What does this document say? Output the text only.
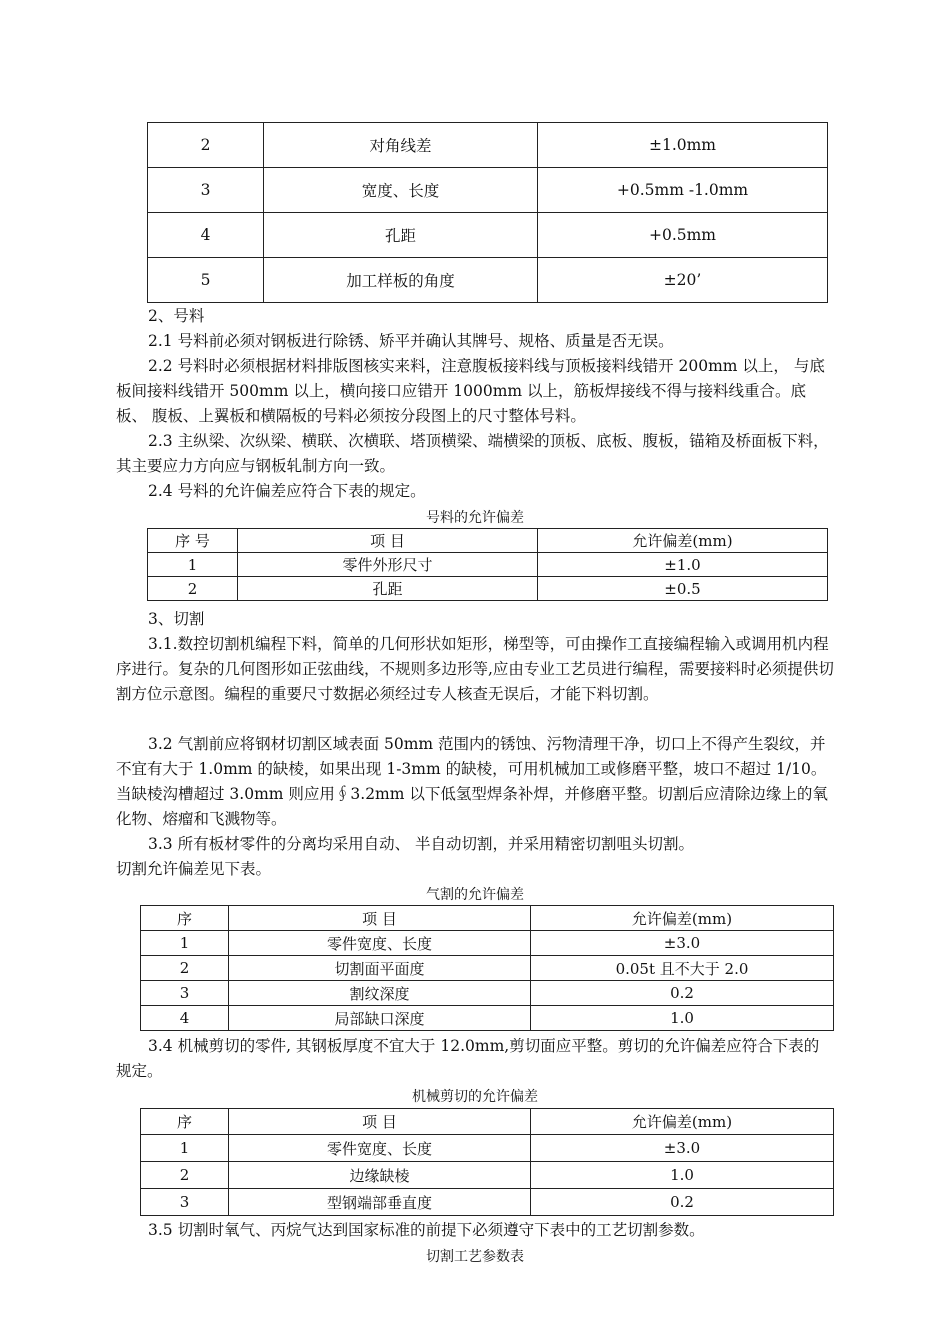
2	对角线差	±1.0mm
3	宽度、长度	+0.5mm -1.0mm
4	孔距	+0.5mm
5	加工样板的角度	±20’

2、号料

2.1 号料前必须对钢板进行除锈、矫平并确认其牌号、规格、质量是否无误。

2.2 号料时必须根据材料排版图核实来料，注意腹板接料线与顶板接料线错开 200mm 以上， 与底板间接料线错开 500mm 以上，横向接口应错开 1000mm 以上，筋板焊接线不得与接料线重合。底板、 腹板、上翼板和横隔板的号料必须按分段图上的尺寸整体号料。

2.3 主纵梁、次纵梁、横联、次横联、塔顶横梁、端横梁的顶板、底板、腹板，锚箱及桥面板下料，其主要应力方向应与钢板轧制方向一致。

2.4 号料的允许偏差应符合下表的规定。

号料的允许偏差

序 号	项 目	允许偏差(mm)
1	零件外形尺寸	±1.0
2	孔距	±0.5

3、切割

3.1.数控切割机编程下料，简单的几何形状如矩形，梯型等，可由操作工直接编程输入或调用机内程序进行。复杂的几何图形如正弦曲线，不规则多边形等,应由专业工艺员进行编程，需要接料时必须提供切割方位示意图。编程的重要尺寸数据必须经过专人核查无误后，才能下料切割。

3.2 气割前应将钢材切割区域表面 50mm 范围内的锈蚀、污物清理干净，切口上不得产生裂纹，并不宜有大于 1.0mm 的缺棱，如果出现 1-3mm 的缺棱，可用机械加工或修磨平整，坡口不超过 1/10。当缺棱沟槽超过 3.0mm 则应用∮3.2mm 以下低氢型焊条补焊，并修磨平整。切割后应清除边缘上的氧化物、熔瘤和飞溅物等。

3.3 所有板材零件的分离均采用自动、 半自动切割，并采用精密切割咀头切割。

切割允许偏差见下表。

气割的允许偏差

序	项 目	允许偏差(mm)
1	零件宽度、长度	±3.0
2	切割面平面度	0.05t 且不大于 2.0
3	割纹深度	0.2
4	局部缺口深度	1.0

3.4 机械剪切的零件, 其钢板厚度不宜大于 12.0mm,剪切面应平整。剪切的允许偏差应符合下表的规定。

机械剪切的允许偏差

序	项 目	允许偏差(mm)
1	零件宽度、长度	±3.0
2	边缘缺棱	1.0
3	型钢端部垂直度	0.2

3.5 切割时氧气、丙烷气达到国家标准的前提下必须遵守下表中的工艺切割参数。

切割工艺参数表
